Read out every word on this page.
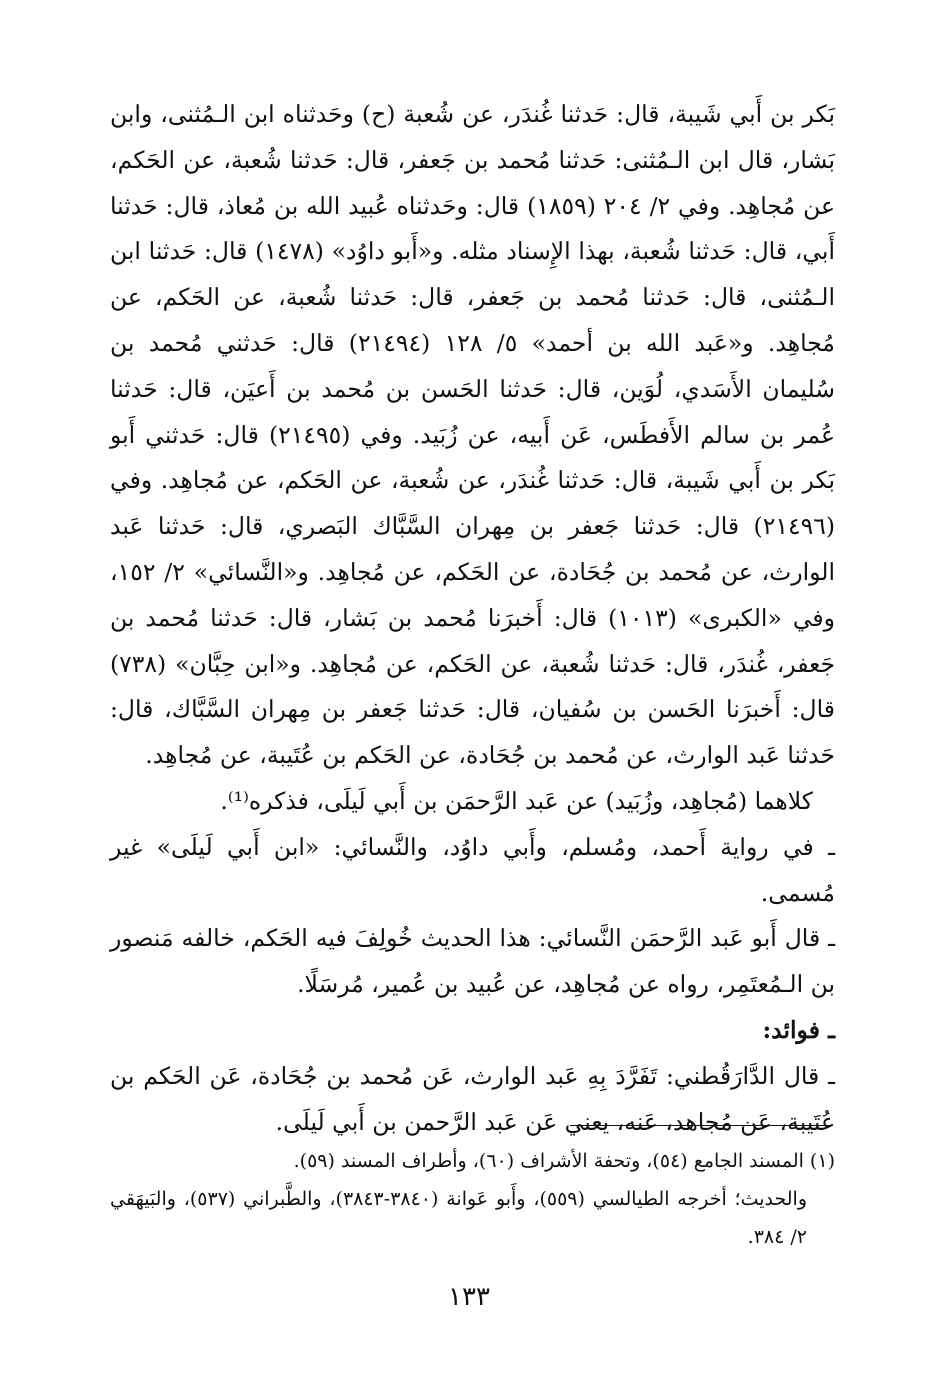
بَكر بن أَبي شَيبة، قال: حَدثنا غُندَر، عن شُعبة (ح) وحَدثناه ابن الـمُثنى، وابن بَشار، قال ابن الـمُثنى: حَدثنا مُحمد بن جَعفر، قال: حَدثنا شُعبة، عن الحَكم، عن مُجاهِد. وفي ٢/ ٢٠٤ (١٨٥٩) قال: وحَدثناه عُبيد الله بن مُعاذ، قال: حَدثنا أَبي، قال: حَدثنا شُعبة، بهذا الإِسناد مثله. و«أَبو داوُد» (١٤٧٨) قال: حَدثنا ابن الـمُثنى، قال: حَدثنا مُحمد بن جَعفر، قال: حَدثنا شُعبة، عن الحَكم، عن مُجاهِد. و«عَبد الله بن أحمد» ٥/ ١٢٨ (٢١٤٩٤) قال: حَدثني مُحمد بن سُليمان الأَسَدي، لُوَين، قال: حَدثنا الحَسن بن مُحمد بن أَعيَن، قال: حَدثنا عُمر بن سالم الأَفطَس، عَن أَبيه، عن زُبَيد. وفي (٢١٤٩٥) قال: حَدثني أَبو بَكر بن أَبي شَيبة، قال: حَدثنا غُندَر، عن شُعبة، عن الحَكم، عن مُجاهِد. وفي (٢١٤٩٦) قال: حَدثنا جَعفر بن مِهران السَّبَّاك البَصري، قال: حَدثنا عَبد الوارث، عن مُحمد بن جُحَادة، عن الحَكم، عن مُجاهِد. و«النَّسائي» ٢/ ١٥٢، وفي «الكبرى» (١٠١٣) قال: أَخبرَنا مُحمد بن بَشار، قال: حَدثنا مُحمد بن جَعفر، غُندَر، قال: حَدثنا شُعبة، عن الحَكم، عن مُجاهِد. و«ابن حِبَّان» (٧٣٨) قال: أَخبرَنا الحَسن بن سُفيان، قال: حَدثنا جَعفر بن مِهران السَّبَّاك، قال: حَدثنا عَبد الوارث، عن مُحمد بن جُحَادة، عن الحَكم بن عُتَيبة، عن مُجاهِد.

كلاهما (مُجاهِد، وزُبَيد) عن عَبد الرَّحمَن بن أَبي لَيلَى، فذكره⁽¹⁾.

ـ في رواية أَحمد، ومُسلم، وأَبي داوُد، والنَّسائي: «ابن أَبي لَيلَى» غير مُسمى.

ـ قال أَبو عَبد الرَّحمَن النَّسائي: هذا الحديث خُولِفَ فيه الحَكم، خالفه مَنصور بن الـمُعتَمِر، رواه عن مُجاهِد، عن عُبيد بن عُمير، مُرسَلًا.

ـ فوائد:

ـ قال الدَّارَقُطني: تَفَرَّدَ بِهِ عَبد الوارث، عَن مُحمد بن جُحَادة، عَن الحَكم بن عُتَيبة، عَن مُجاهد، عَنه، يعني عَن عَبد الرَّحمن بن أَبي لَيلَى.

(١) المسند الجامع (٥٤)، وتحفة الأشراف (٦٠)، وأطراف المسند (٥٩).

والحديث؛ أخرجه الطيالسي (٥٥٩)، وأَبو عَوانة (٣٨٤٠-٣٨٤٣)، والطَّبراني (٥٣٧)، والبَيهَقي ٢/ ٣٨٤.

١٣٣
